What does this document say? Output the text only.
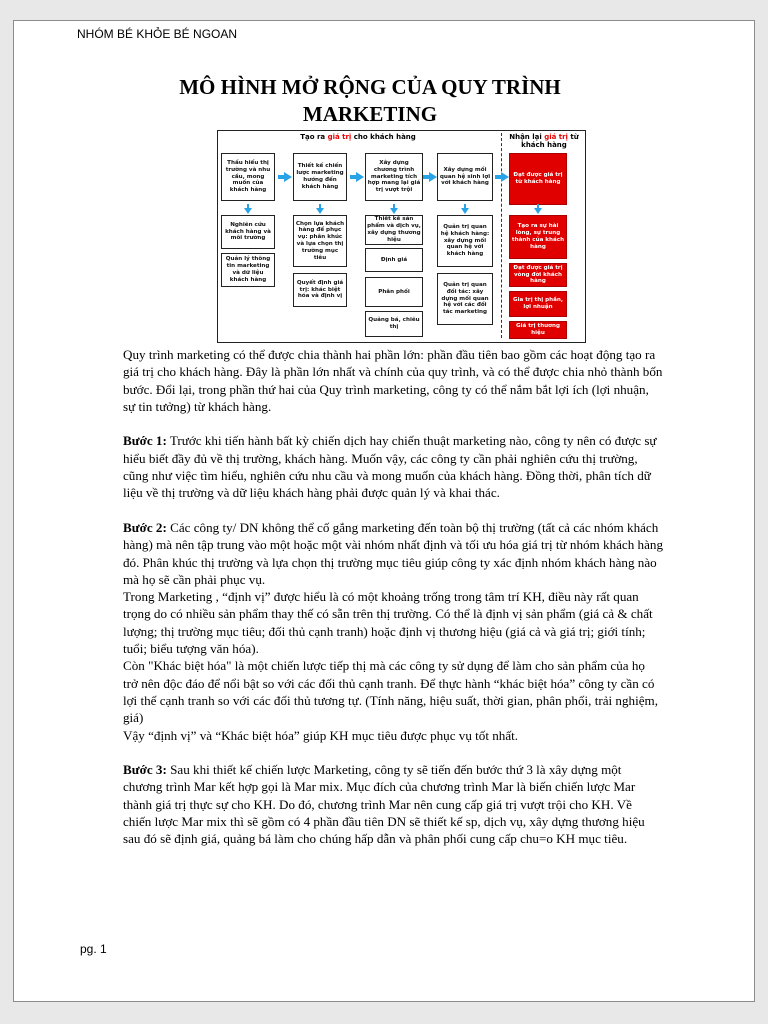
NHÓM BÉ KHỎE BÉ NGOAN
MÔ HÌNH MỞ RỘNG CỦA QUY TRÌNH
MARKETING
Tạo ra giá trị cho khách hàng	Nhận lại giá trị từ khách hàng
Thấu hiểu thị trường và nhu cầu, mong muốn của khách hàng
Nghiên cứu khách hàng và môi trường
Quản lý thông tin marketing và dữ liệu khách hàng
Thiết kế chiến lược marketing hướng đến khách hàng
Chọn lựa khách hàng để phục vụ: phân khúc và lựa chọn thị trường mục tiêu
Quyết định giá trị: khác biệt hóa và định vị
Xây dựng chương trình marketing tích hợp mang lại giá trị vượt trội
Thiết kế sản phẩm và dịch vụ, xây dựng thương hiệu
Định giá
Phân phối
Quảng bá, chiêu thị
Xây dựng mối quan hệ sinh lợi với khách hàng
Quản trị quan hệ khách hàng: xây dựng mối quan hệ với khách hàng
Quản trị quan đối tác: xây dựng mối quan hệ với các đối tác marketing
Đạt được giá trị từ khách hàng
Tạo ra sự hài lòng, sự trung thành của khách hàng
Đạt được giá trị vòng đời khách hàng
Gia trị thị phần, lợi nhuận
Giá trị thương hiệu

Quy trình marketing có thể được chia thành hai phần lớn: phần đầu tiên bao gồm các hoạt động tạo ra giá trị cho khách hàng. Đây là phần lớn nhất và chính của quy trình, và có thể được chia nhỏ thành bốn bước. Đổi lại, trong phần thứ hai của Quy trình marketing, công ty có thể nắm bắt lợi ích (lợi nhuận, sự tin tưởng) từ khách hàng.

Bước 1: Trước khi tiến hành bất kỳ chiến dịch hay chiến thuật marketing nào, công ty nên có được sự hiểu biết đầy đủ về thị trường, khách hàng. Muốn vậy, các công ty cần phải nghiên cứu thị trường, cũng như việc tìm hiểu, nghiên cứu nhu cầu và mong muốn của khách hàng. Đồng thời, phân tích dữ liệu về thị trường và dữ liệu khách hàng phải được quản lý và khai thác.

Bước 2: Các công ty/ DN không thể cố gắng marketing đến toàn bộ thị trường (tất cả các nhóm khách hàng) mà nên tập trung vào một hoặc một vài nhóm nhất định và tối ưu hóa giá trị từ nhóm khách hàng đó. Phân khúc thị trường và lựa chọn thị trường mục tiêu giúp công ty xác định nhóm khách hàng nào mà họ sẽ cần phải phục vụ.

Trong Marketing , “định vị” được hiểu là có một khoảng trống trong tâm trí KH, điều này rất quan trọng do có nhiều sản phẩm thay thế có sẵn trên thị trường. Có thể là định vị sản phẩm (giá cả & chất lượng; thị trường mục tiêu; đối thủ cạnh tranh) hoặc định vị thương hiệu (giá cả và giá trị; giới tính; tuổi; biểu tượng văn hóa).

Còn "Khác biệt hóa" là một chiến lược tiếp thị mà các công ty sử dụng để làm cho sản phẩm của họ trở nên độc đáo để nổi bật so với các đối thủ cạnh tranh. Để thực hành “khác biệt hóa” công ty cần có lợi thế cạnh tranh so với các đối thủ tương tự. (Tính năng, hiệu suất, thời gian, phân phối, trải nghiệm, giá)

Vậy “định vị” và “Khác biệt hóa” giúp KH mục tiêu được phục vụ tốt nhất.

Bước 3: Sau khi thiết kế chiến lược Marketing, công ty sẽ tiến đến bước thứ 3 là xây dựng một chương trình Mar kết hợp gọi là Mar mix. Mục đích của chương trình Mar là biến chiến lược Mar thành giá trị thực sự cho KH. Do đó, chương trình Mar nên cung cấp giá trị vượt trội cho KH. Về chiến lược Mar mix thì sẽ gồm có 4 phần đầu tiên DN sẽ thiết kế sp, dịch vụ, xây dựng thương hiệu sau đó sẽ định giá, quảng bá làm cho chúng hấp dẫn và phân phối cung cấp chu=o KH mục tiêu.

pg. 1
